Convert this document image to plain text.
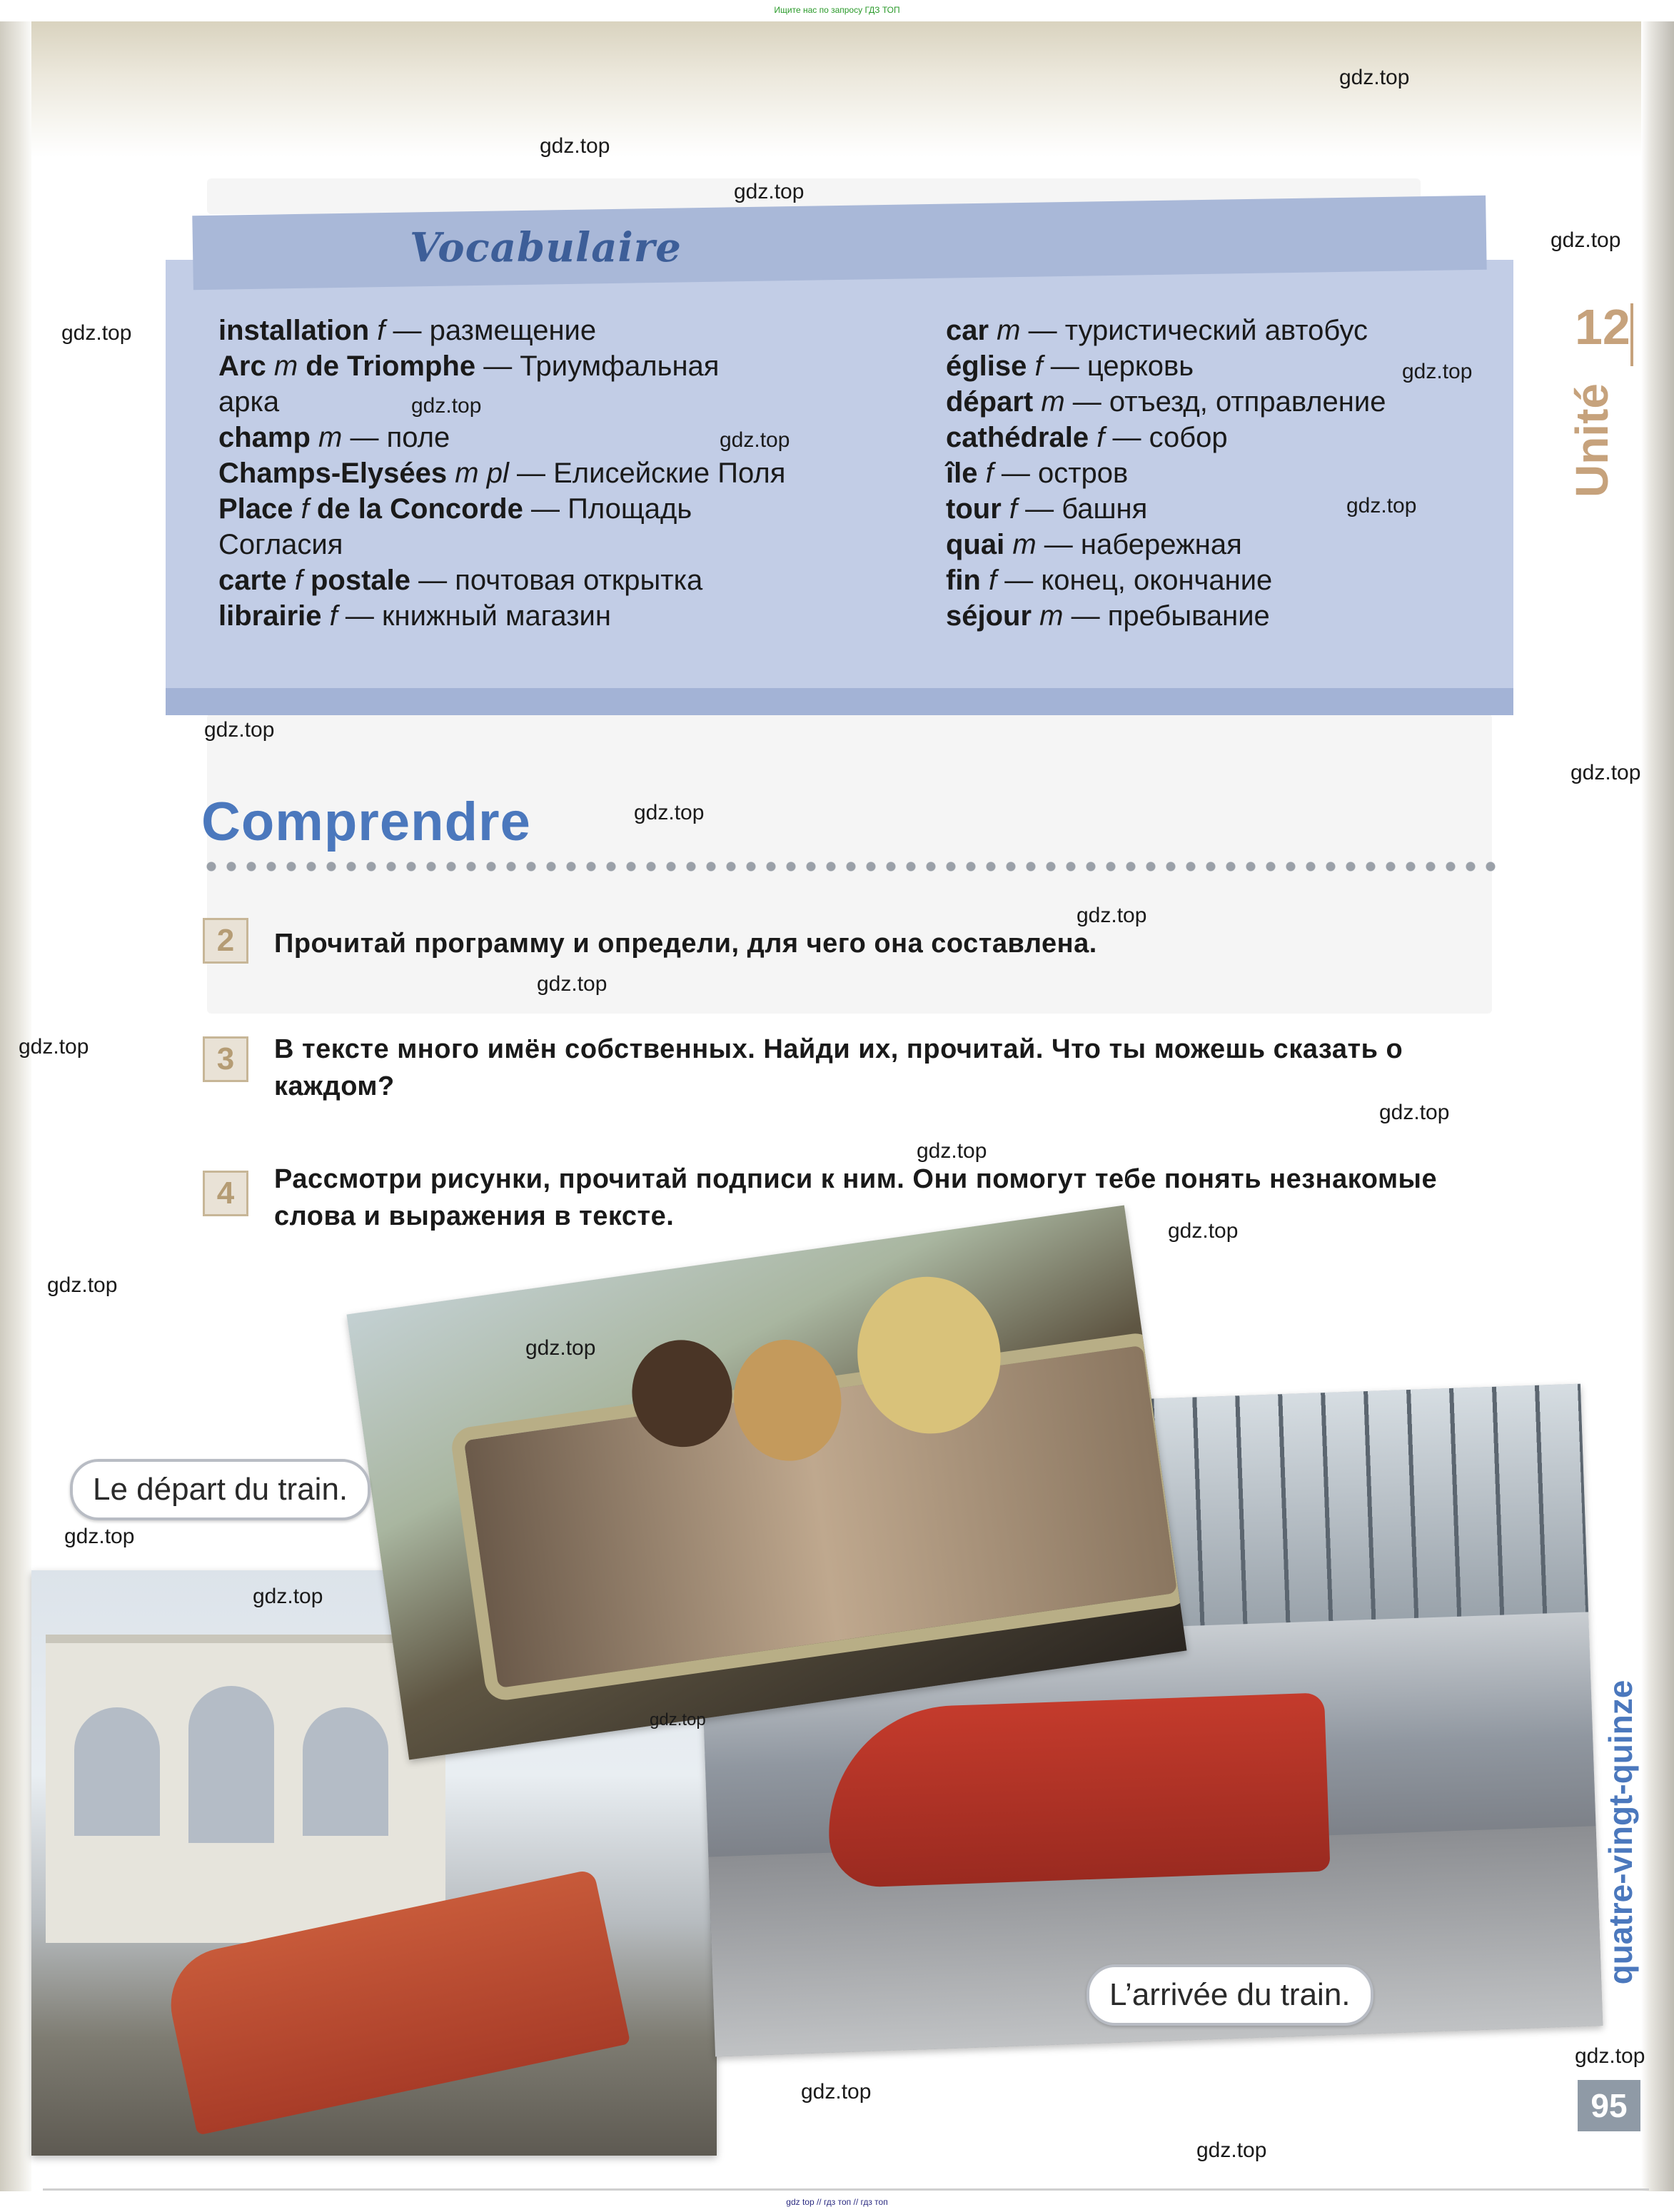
Ищите нас по запросу ГДЗ ТОП
Vocabulaire
installation f — размещение
Arc m de Triomphe — Триумфальная
арка
champ m — поле
Champs-Elysées m pl — Елисейские Поля
Place f de la Concorde — Площадь
Согласия
carte f postale — почтовая открытка
librairie f — книжный магазин
car m — туристический автобус
église f — церковь
départ m — отъезд, отправление
cathédrale f — собор
île f — остров
tour f — башня
quai m — набережная
fin f — конец, окончание
séjour m — пребывание
12
Unité
Comprendre
2	Прочитай программу и определи, для чего она составлена.
3	В тексте много имён собственных. Найди их, прочитай. Что ты можешь сказать о каждом?
4	Рассмотри рисунки, прочитай подписи к ним. Они помогут тебе понять незнакомые слова и выражения в тексте.
Le départ du train.
L’arrivée du train.
quatre-vingt-quinze
95
gdz.top
gdz.top
gdz.top
gdz.top
gdz.top
gdz.top
gdz.top
gdz.top
gdz.top
gdz.top
gdz.top
gdz.top
gdz.top
gdz.top
gdz.top
gdz.top
gdz.top
gdz.top
gdz.top
gdz.top
gdz.top
gdz.top
gdz.top
gdz.top
gdz.top
gdz.top
gdz top // гдз топ // гдз топ
